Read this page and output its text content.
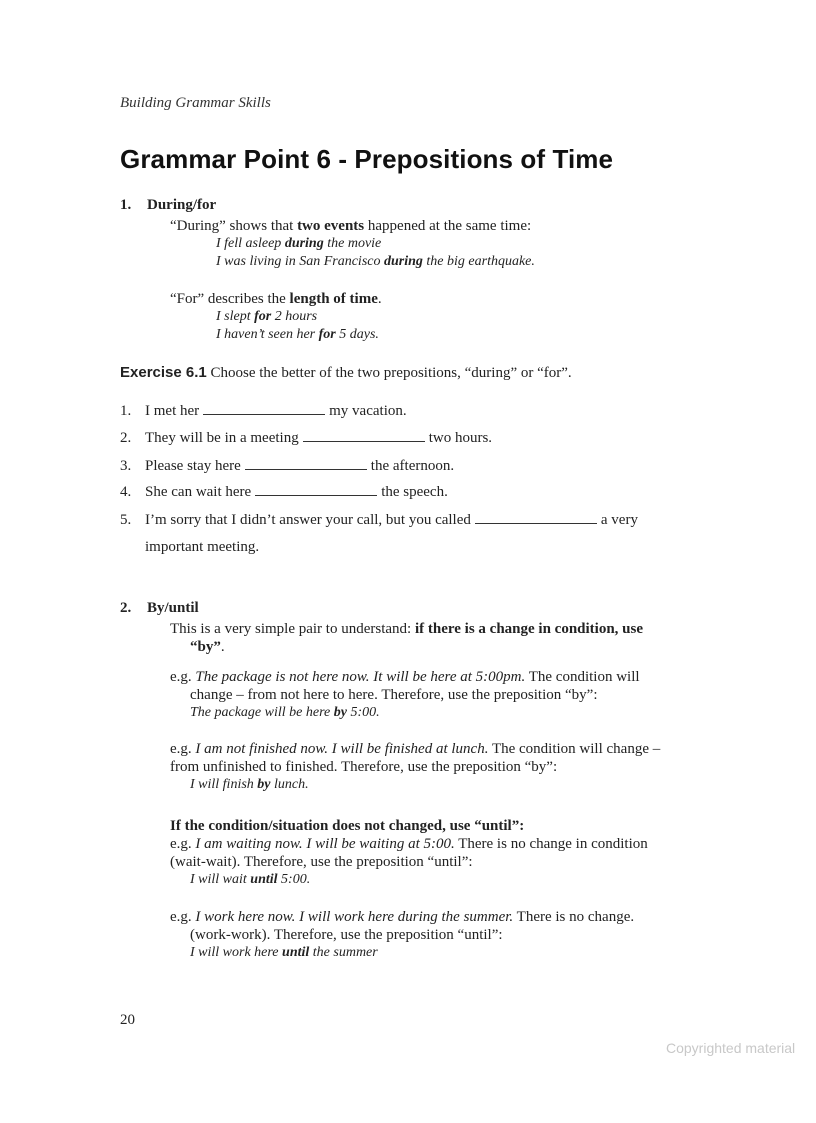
Building Grammar Skills
Grammar Point 6 - Prepositions of Time
1. During/for
“During” shows that two events happened at the same time:
I fell asleep during the movie
I was living in San Francisco during the big earthquake.
“For” describes the length of time.
I slept for 2 hours
I haven’t seen her for 5 days.
Exercise 6.1 Choose the better of the two prepositions, “during” or “for”.
1. I met her	my vacation.
2. They will be in a meeting	two hours.
3. Please stay here	the afternoon.
4. She can wait here	the speech.
5. I’m sorry that I didn’t answer your call, but you called	a very
important meeting.
2. By/until
This is a very simple pair to understand: if there is a change in condition, use
“by”.
e.g. The package is not here now. It will be here at 5:00pm. The condition will
change – from not here to here. Therefore, use the preposition “by”:
The package will be here by 5:00.
e.g. I am not finished now. I will be finished at lunch. The condition will change –
from unfinished to finished. Therefore, use the preposition “by”:
I will finish by lunch.
If the condition/situation does not changed, use “until”:
e.g. I am waiting now. I will be waiting at 5:00. There is no change in condition
(wait-wait). Therefore, use the preposition “until”:
I will wait until 5:00.
e.g. I work here now. I will work here during the summer. There is no change.
(work-work). Therefore, use the preposition “until”:
I will work here until the summer
20
Copyrighted material
